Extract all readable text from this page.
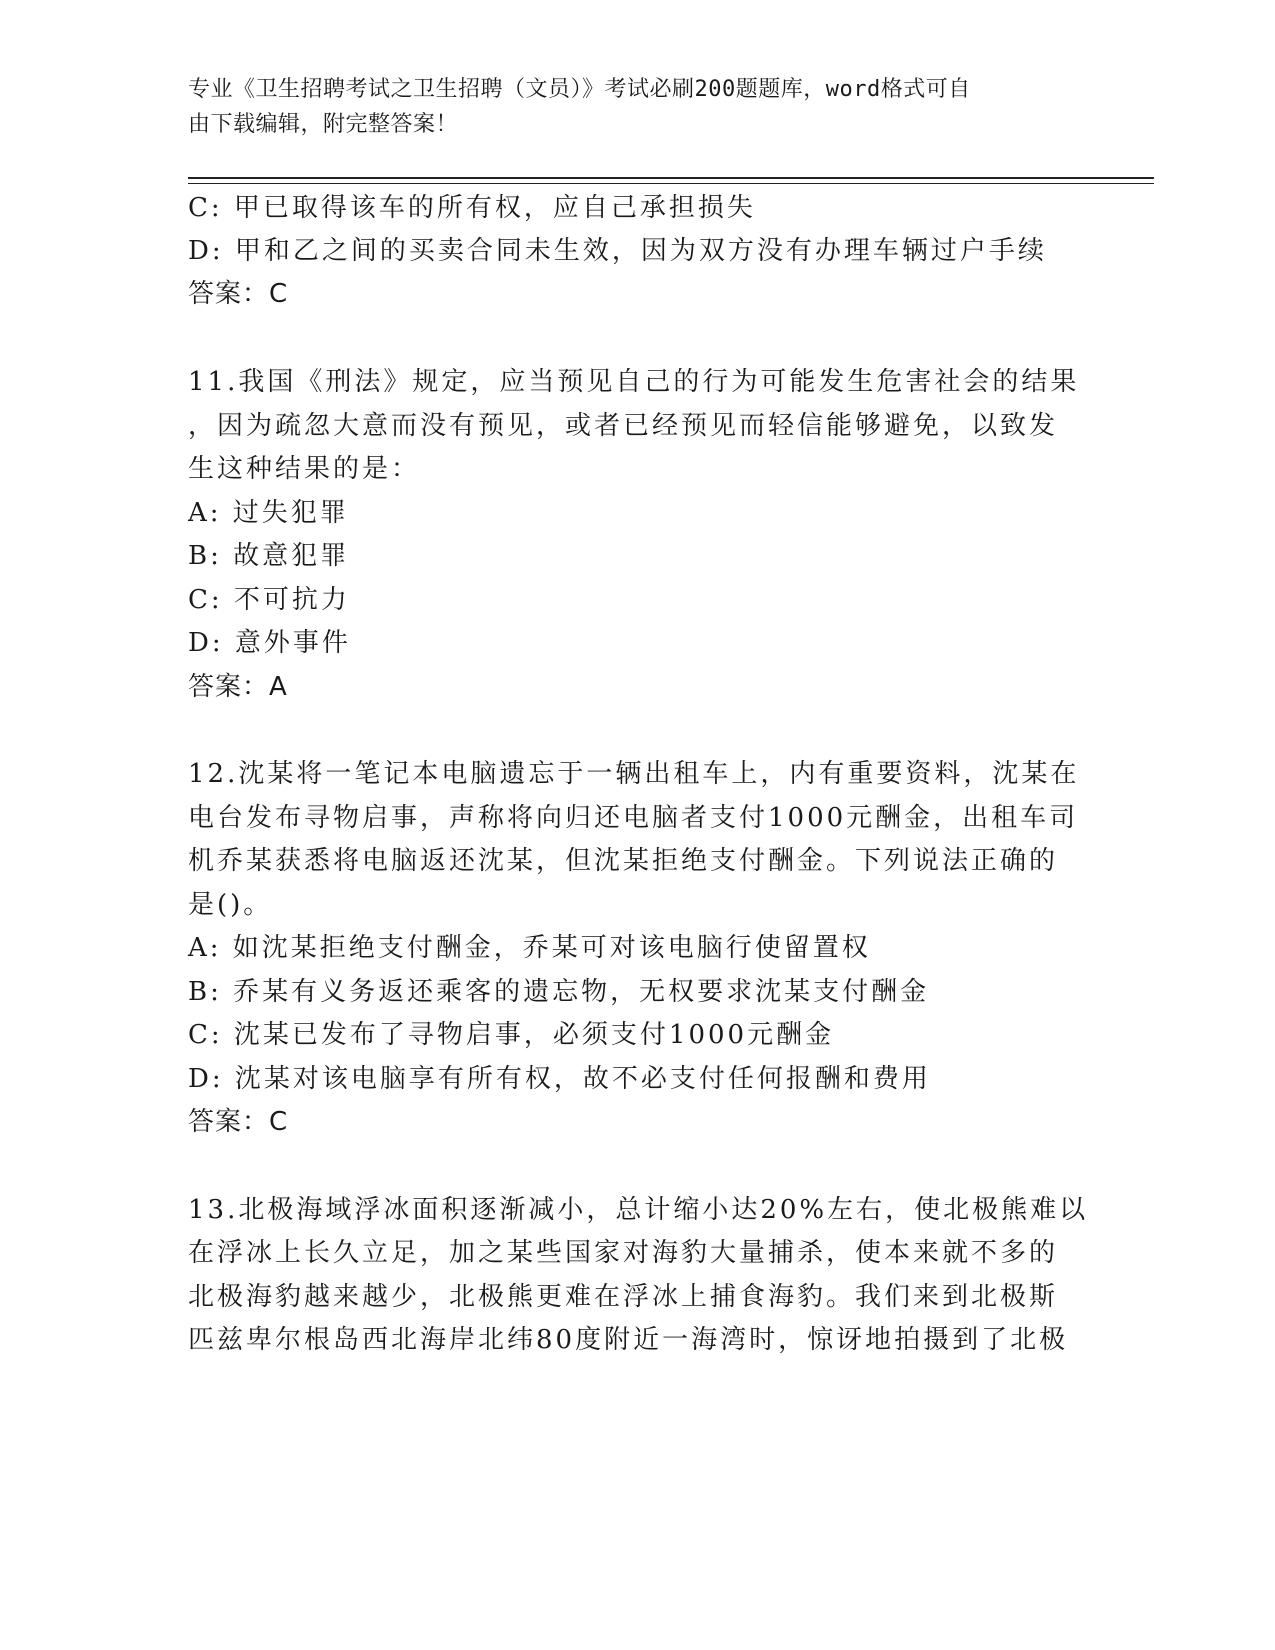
专业《卫生招聘考试之卫生招聘（文员）》考试必刷200题题库，word格式可自
由下载编辑，附完整答案！
C: 甲已取得该车的所有权，应自己承担损失
D: 甲和乙之间的买卖合同未生效，因为双方没有办理车辆过户手续
答案：C
11.我国《刑法》规定，应当预见自己的行为可能发生危害社会的结果
，因为疏忽大意而没有预见，或者已经预见而轻信能够避免，以致发
生这种结果的是：
A: 过失犯罪
B: 故意犯罪
C: 不可抗力
D: 意外事件
答案：A
12.沈某将一笔记本电脑遗忘于一辆出租车上，内有重要资料，沈某在
电台发布寻物启事，声称将向归还电脑者支付1000元酬金，出租车司
机乔某获悉将电脑返还沈某，但沈某拒绝支付酬金。下列说法正确的
是()。
A: 如沈某拒绝支付酬金，乔某可对该电脑行使留置权
B: 乔某有义务返还乘客的遗忘物，无权要求沈某支付酬金
C: 沈某已发布了寻物启事，必须支付1000元酬金
D: 沈某对该电脑享有所有权，故不必支付任何报酬和费用
答案：C
13.北极海域浮冰面积逐渐减小，总计缩小达20%左右，使北极熊难以
在浮冰上长久立足，加之某些国家对海豹大量捕杀，使本来就不多的
北极海豹越来越少，北极熊更难在浮冰上捕食海豹。我们来到北极斯
匹兹卑尔根岛西北海岸北纬80度附近一海湾时，惊讶地拍摄到了北极
